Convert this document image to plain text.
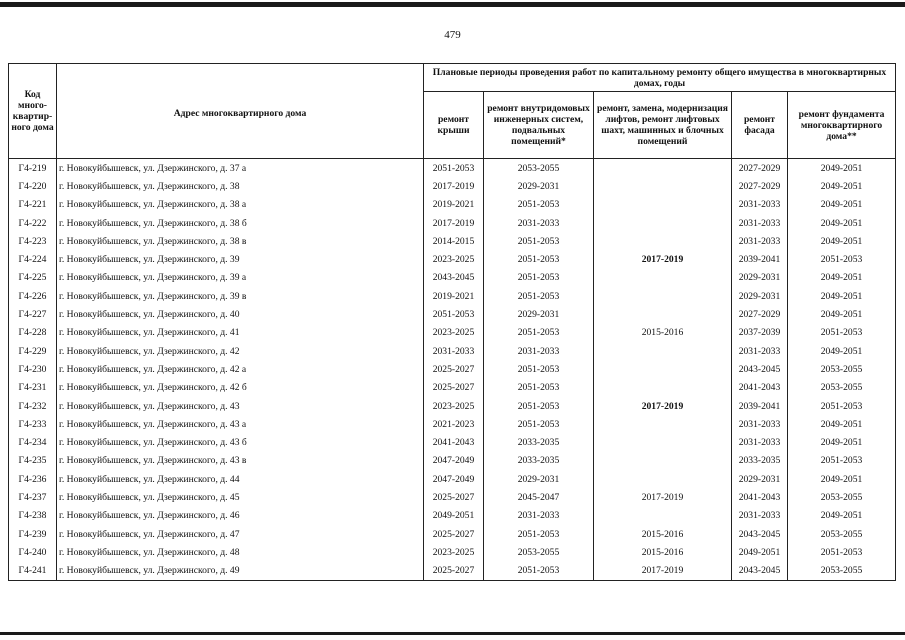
479
Код много-квартир-ного дома	Адрес многоквартирного дома	Плановые периоды проведения работ по капитальному ремонту общего имущества в многоквартирных домах, годы				
		ремонт крыши	ремонт внутридомовых инженерных систем, подвальных помещений*	ремонт, замена, модернизация лифтов, ремонт лифтовых шахт, машинных и блочных помещений	ремонт фасада	ремонт фундамента многоквартирного дома**
Г4-219	г. Новокуйбышевск, ул. Дзержинского, д. 37 а	2051-2053	2053-2055		2027-2029	2049-2051
Г4-220	г. Новокуйбышевск, ул. Дзержинского, д. 38	2017-2019	2029-2031		2027-2029	2049-2051
Г4-221	г. Новокуйбышевск, ул. Дзержинского, д. 38 а	2019-2021	2051-2053		2031-2033	2049-2051
Г4-222	г. Новокуйбышевск, ул. Дзержинского, д. 38 б	2017-2019	2031-2033		2031-2033	2049-2051
Г4-223	г. Новокуйбышевск, ул. Дзержинского, д. 38 в	2014-2015	2051-2053		2031-2033	2049-2051
Г4-224	г. Новокуйбышевск, ул. Дзержинского, д. 39	2023-2025	2051-2053	2017-2019	2039-2041	2051-2053
Г4-225	г. Новокуйбышевск, ул. Дзержинского, д. 39 а	2043-2045	2051-2053		2029-2031	2049-2051
Г4-226	г. Новокуйбышевск, ул. Дзержинского, д. 39 в	2019-2021	2051-2053		2029-2031	2049-2051
Г4-227	г. Новокуйбышевск, ул. Дзержинского, д. 40	2051-2053	2029-2031		2027-2029	2049-2051
Г4-228	г. Новокуйбышевск, ул. Дзержинского, д. 41	2023-2025	2051-2053	2015-2016	2037-2039	2051-2053
Г4-229	г. Новокуйбышевск, ул. Дзержинского, д. 42	2031-2033	2031-2033		2031-2033	2049-2051
Г4-230	г. Новокуйбышевск, ул. Дзержинского, д. 42 а	2025-2027	2051-2053		2043-2045	2053-2055
Г4-231	г. Новокуйбышевск, ул. Дзержинского, д. 42 б	2025-2027	2051-2053		2041-2043	2053-2055
Г4-232	г. Новокуйбышевск, ул. Дзержинского, д. 43	2023-2025	2051-2053	2017-2019	2039-2041	2051-2053
Г4-233	г. Новокуйбышевск, ул. Дзержинского, д. 43 а	2021-2023	2051-2053		2031-2033	2049-2051
Г4-234	г. Новокуйбышевск, ул. Дзержинского, д. 43 б	2041-2043	2033-2035		2031-2033	2049-2051
Г4-235	г. Новокуйбышевск, ул. Дзержинского, д. 43 в	2047-2049	2033-2035		2033-2035	2051-2053
Г4-236	г. Новокуйбышевск, ул. Дзержинского, д. 44	2047-2049	2029-2031		2029-2031	2049-2051
Г4-237	г. Новокуйбышевск, ул. Дзержинского, д. 45	2025-2027	2045-2047	2017-2019	2041-2043	2053-2055
Г4-238	г. Новокуйбышевск, ул. Дзержинского, д. 46	2049-2051	2031-2033		2031-2033	2049-2051
Г4-239	г. Новокуйбышевск, ул. Дзержинского, д. 47	2025-2027	2051-2053	2015-2016	2043-2045	2053-2055
Г4-240	г. Новокуйбышевск, ул. Дзержинского, д. 48	2023-2025	2053-2055	2015-2016	2049-2051	2051-2053
Г4-241	г. Новокуйбышевск, ул. Дзержинского, д. 49	2025-2027	2051-2053	2017-2019	2043-2045	2053-2055
